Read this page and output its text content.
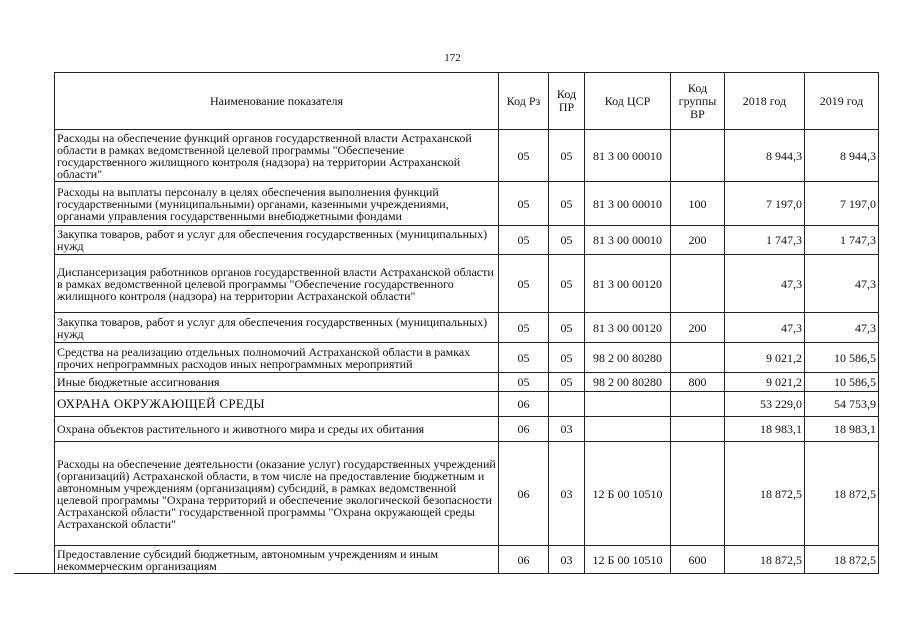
172
Наименование показателя	Код Рз	Код ПР	Код ЦСР	Код группы ВР	2018 год	2019 год
Расходы на обеспечение функций органов государственной власти Астраханской области в рамках ведомственной целевой программы "Обеспечение государственного жилищного контроля (надзора) на территории Астраханской области"	05	05	81 3 00 00010		8 944,3	8 944,3
Расходы на выплаты персоналу в целях обеспечения выполнения функций государственными (муниципальными) органами, казенными учреждениями, органами управления государственными внебюджетными фондами	05	05	81 3 00 00010	100	7 197,0	7 197,0
Закупка товаров, работ и услуг для обеспечения государственных (муниципальных) нужд	05	05	81 3 00 00010	200	1 747,3	1 747,3
Диспансеризация работников органов государственной власти Астраханской области в рамках ведомственной целевой программы "Обеспечение государственного жилищного контроля (надзора) на территории Астраханской области"	05	05	81 3 00 00120		47,3	47,3
Закупка товаров, работ и услуг для обеспечения государственных (муниципальных) нужд	05	05	81 3 00 00120	200	47,3	47,3
Средства на реализацию отдельных полномочий Астраханской области в рамках прочих непрограммных расходов иных непрограммных мероприятий	05	05	98 2 00 80280		9 021,2	10 586,5
Иные бюджетные ассигнования	05	05	98 2 00 80280	800	9 021,2	10 586,5
ОХРАНА ОКРУЖАЮЩЕЙ СРЕДЫ	06				53 229,0	54 753,9
Охрана объектов растительного и животного мира и среды их обитания	06	03			18 983,1	18 983,1
Расходы на обеспечение деятельности (оказание услуг) государственных учреждений (организаций) Астраханской области, в том числе на предоставление бюджетным и автономным учреждениям (организациям) субсидий, в рамках ведомственной целевой программы "Охрана территорий и обеспечение экологической безопасности Астраханской области" государственной программы "Охрана окружающей среды Астраханской области"	06	03	12 Б 00 10510		18 872,5	18 872,5
Предоставление субсидий бюджетным, автономным учреждениям и иным некоммерческим организациям	06	03	12 Б 00 10510	600	18 872,5	18 872,5
